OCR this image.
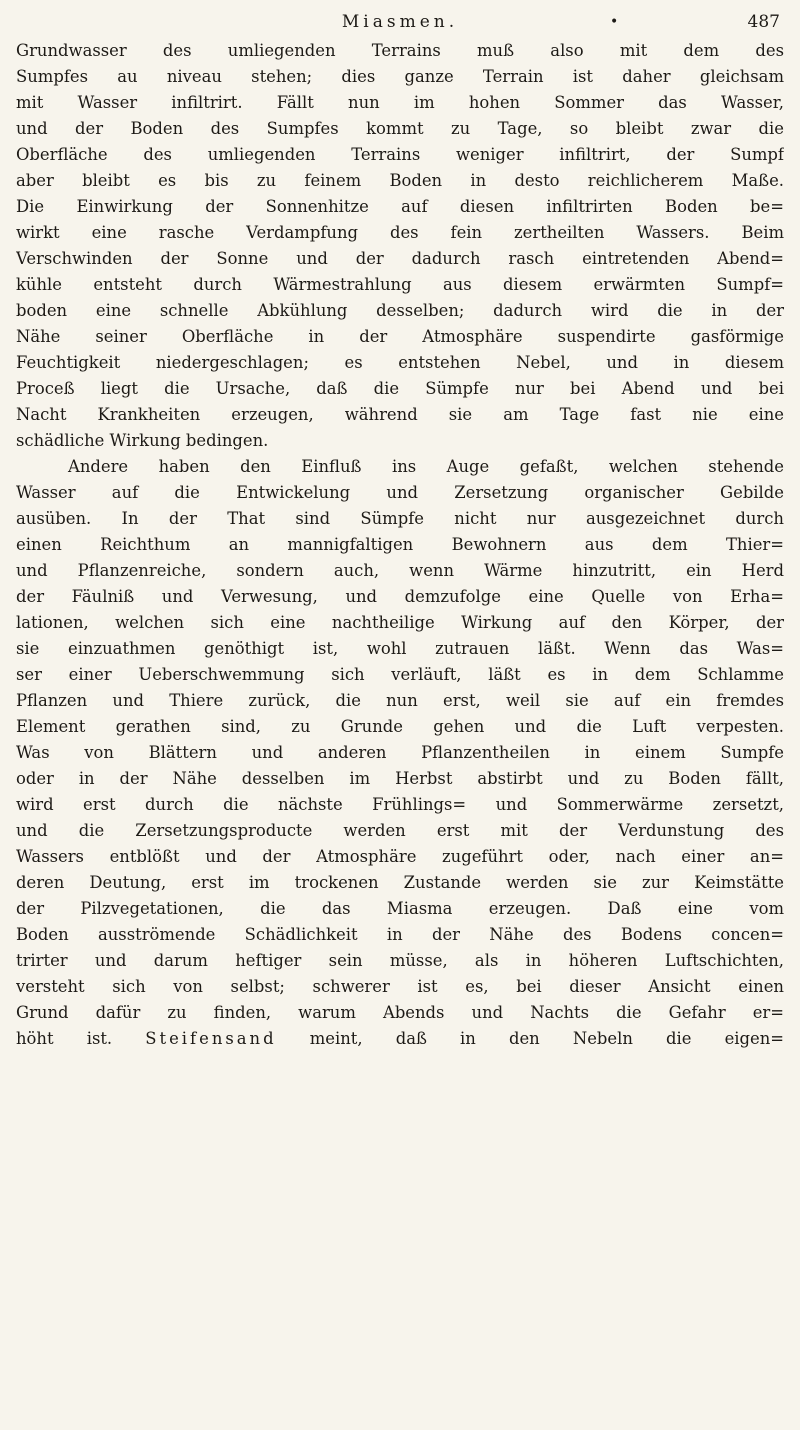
Miasmen.	•	487
Grundwasser des umliegenden Terrains muß also mit dem des
Sumpfes au niveau stehen; dies ganze Terrain ist daher gleichsam
mit Wasser infiltrirt. Fällt nun im hohen Sommer das Wasser,
und der Boden des Sumpfes kommt zu Tage, so bleibt zwar die
Oberfläche des umliegenden Terrains weniger infiltrirt, der Sumpf
aber bleibt es bis zu feinem Boden in desto reichlicherem Maße.
Die Einwirkung der Sonnenhitze auf diesen infiltrirten Boden be=
wirkt eine rasche Verdampfung des fein zertheilten Wassers. Beim
Verschwinden der Sonne und der dadurch rasch eintretenden Abend=
kühle entsteht durch Wärmestrahlung aus diesem erwärmten Sumpf=
boden eine schnelle Abkühlung desselben; dadurch wird die in der
Nähe seiner Oberfläche in der Atmosphäre suspendirte gasförmige
Feuchtigkeit niedergeschlagen; es entstehen Nebel, und in diesem
Proceß liegt die Ursache, daß die Sümpfe nur bei Abend und bei
Nacht Krankheiten erzeugen, während sie am Tage fast nie eine
schädliche Wirkung bedingen.
Andere haben den Einfluß ins Auge gefaßt, welchen stehende
Wasser auf die Entwickelung und Zersetzung organischer Gebilde
ausüben. In der That sind Sümpfe nicht nur ausgezeichnet durch
einen Reichthum an mannigfaltigen Bewohnern aus dem Thier=
und Pflanzenreiche, sondern auch, wenn Wärme hinzutritt, ein Herd
der Fäulniß und Verwesung, und demzufolge eine Quelle von Erha=
lationen, welchen sich eine nachtheilige Wirkung auf den Körper, der
sie einzuathmen genöthigt ist, wohl zutrauen läßt. Wenn das Was=
ser einer Ueberschwemmung sich verläuft, läßt es in dem Schlamme
Pflanzen und Thiere zurück, die nun erst, weil sie auf ein fremdes
Element gerathen sind, zu Grunde gehen und die Luft verpesten.
Was von Blättern und anderen Pflanzentheilen in einem Sumpfe
oder in der Nähe desselben im Herbst abstirbt und zu Boden fällt,
wird erst durch die nächste Frühlings= und Sommerwärme zersetzt,
und die Zersetzungsproducte werden erst mit der Verdunstung des
Wassers entblößt und der Atmosphäre zugeführt oder, nach einer an=
deren Deutung, erst im trockenen Zustande werden sie zur Keimstätte
der Pilzvegetationen, die das Miasma erzeugen. Daß eine vom
Boden ausströmende Schädlichkeit in der Nähe des Bodens concen=
trirter und darum heftiger sein müsse, als in höheren Luftschichten,
versteht sich von selbst; schwerer ist es, bei dieser Ansicht einen
Grund dafür zu finden, warum Abends und Nachts die Gefahr er=
höht ist. Steifensand meint, daß in den Nebeln die eigen=
